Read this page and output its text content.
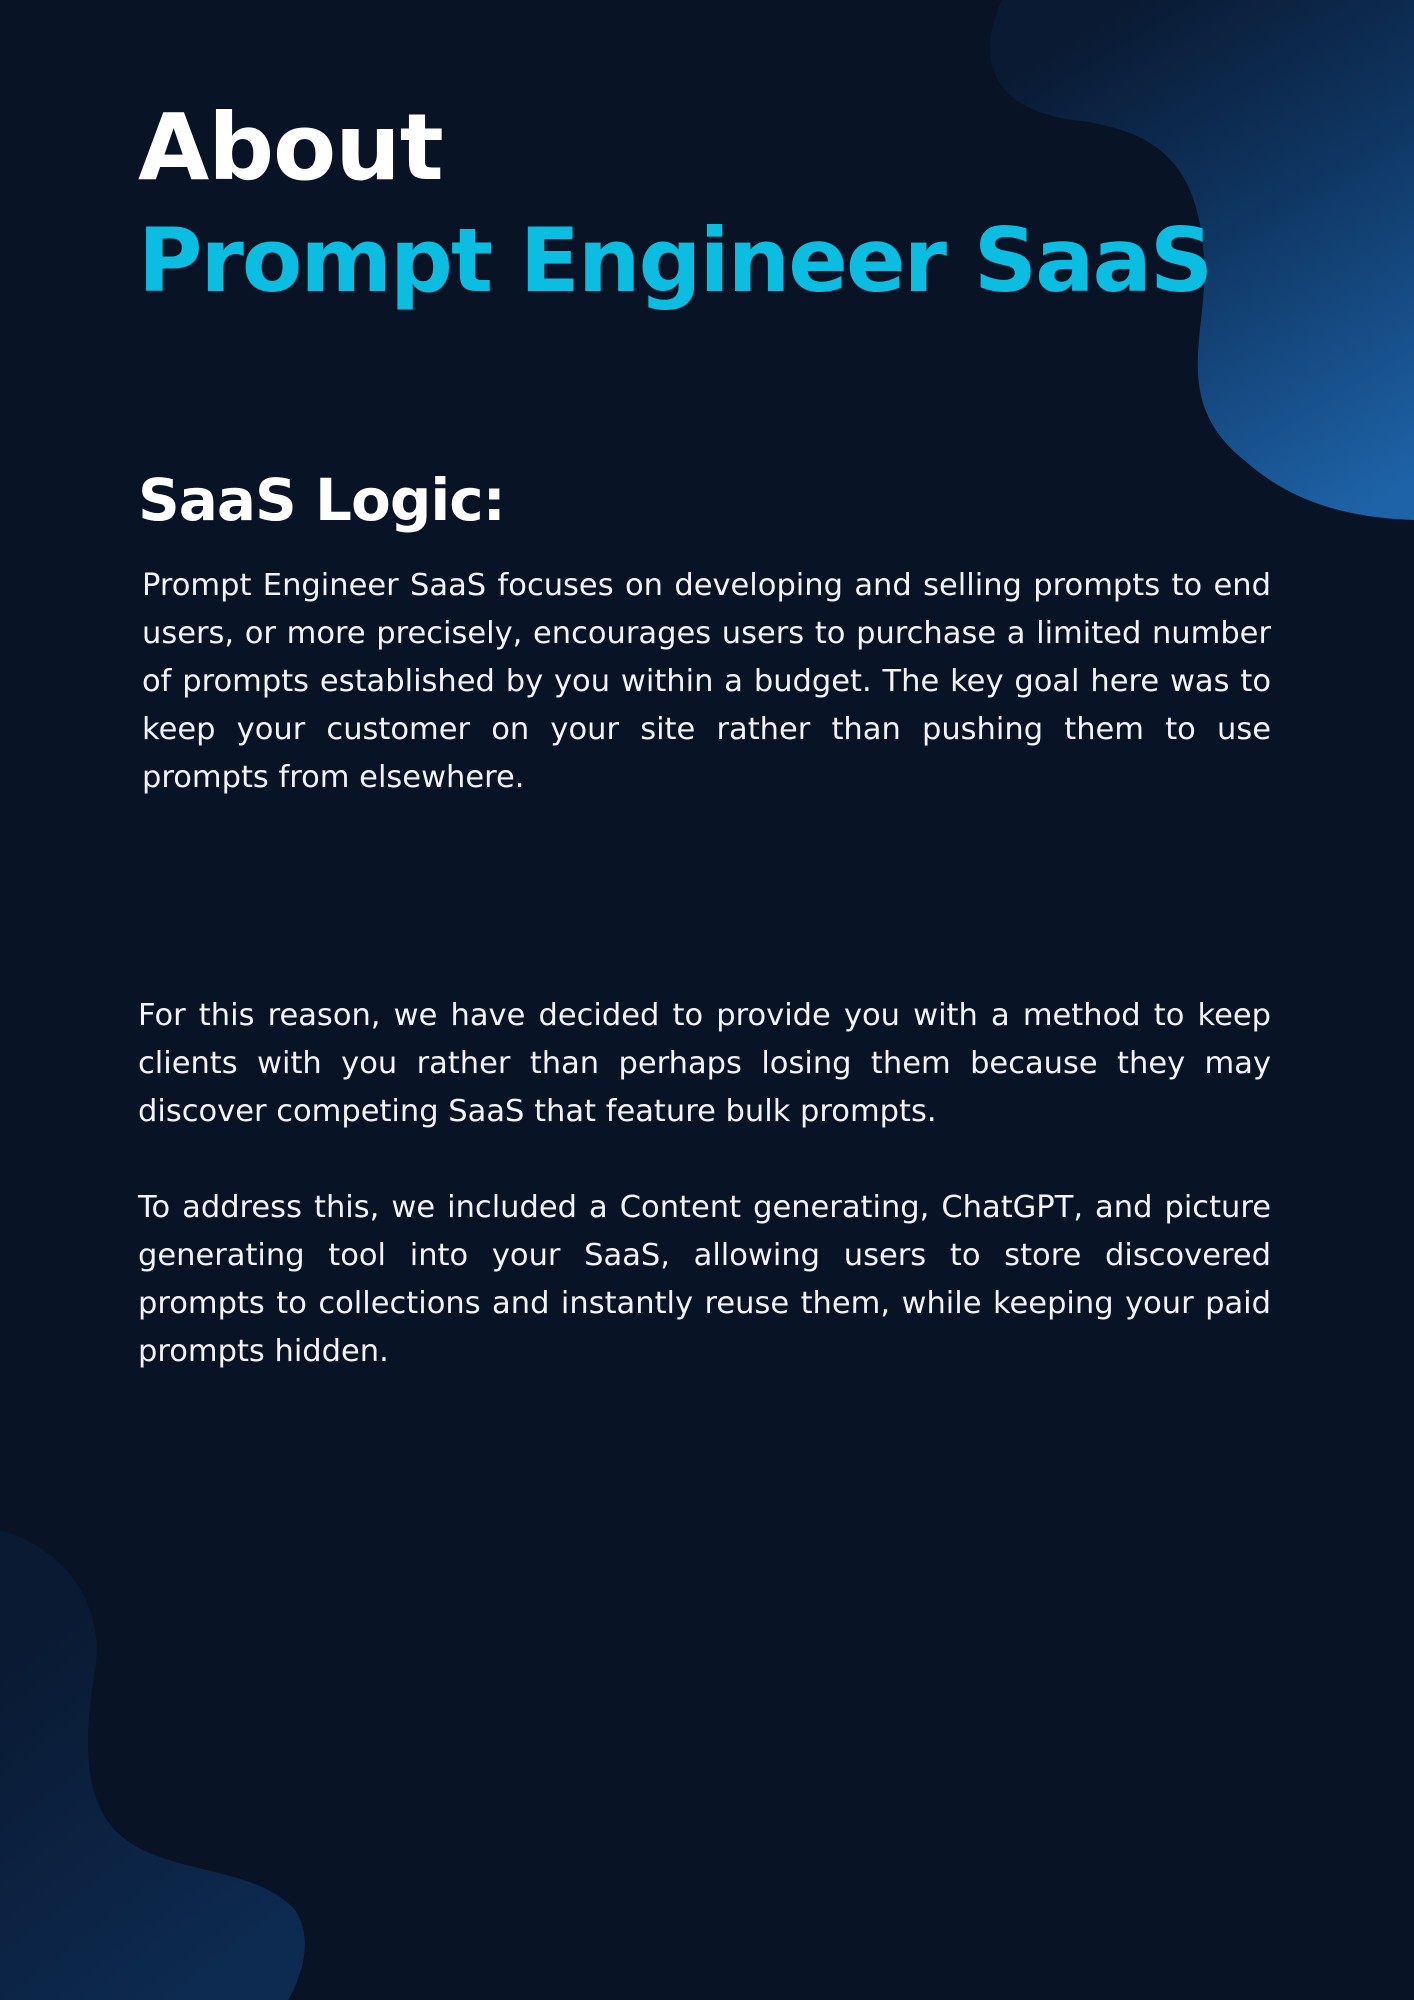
About
Prompt Engineer SaaS
SaaS Logic:

Prompt Engineer SaaS focuses on developing and selling prompts to end users, or more precisely, encourages users to purchase a limited number of prompts established by you within a budget. The key goal here was to keep your customer on your site rather than pushing them to use prompts from elsewhere.

For this reason, we have decided to provide you with a method to keep clients with you rather than perhaps losing them because they may discover competing SaaS that feature bulk prompts.

To address this, we included a Content generating, ChatGPT, and picture generating tool into your SaaS, allowing users to store discovered prompts to collections and instantly reuse them, while keeping your paid prompts hidden.
